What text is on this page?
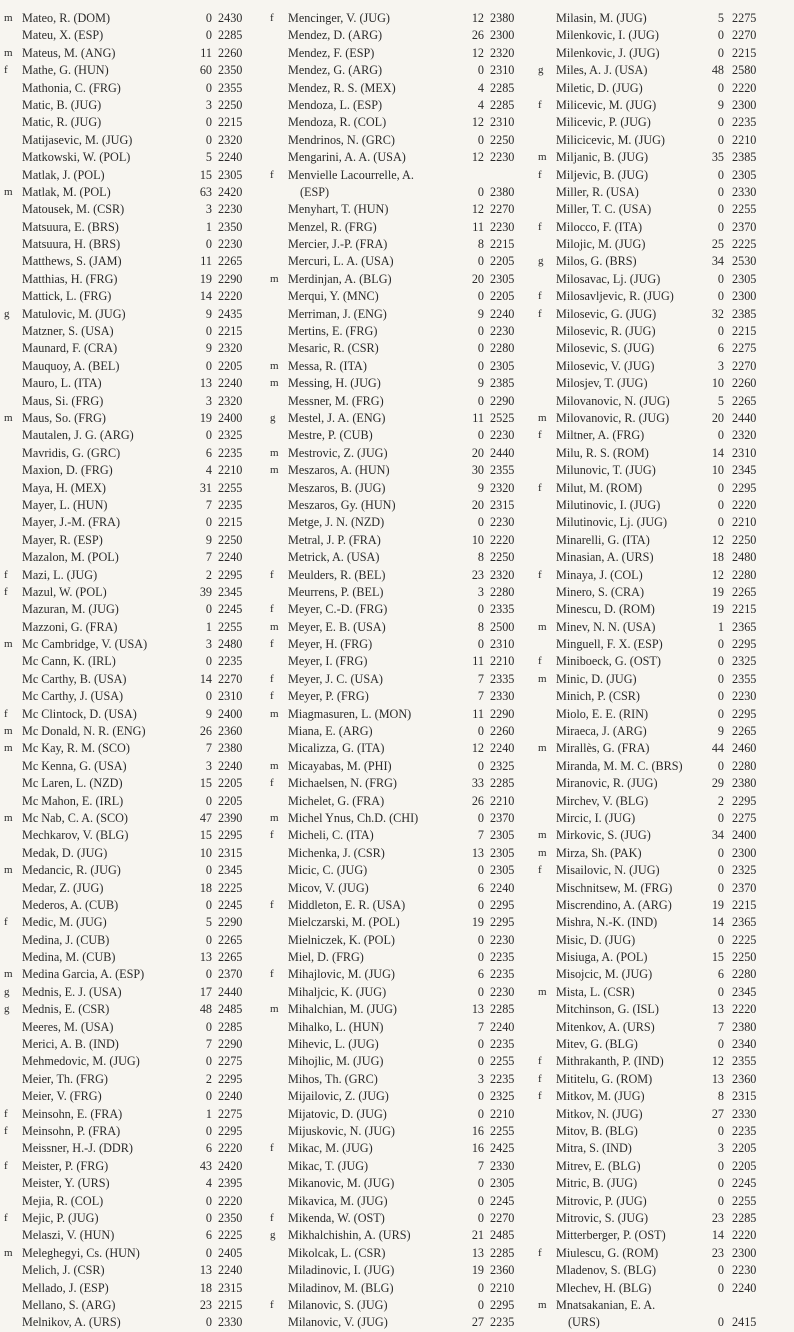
m Mateo, R. (DOM)	0 2430
Mateu, X. (ESP)	0 2285
m Mateus, M. (ANG)	11 2260
f	Mathe, G. (HUN)	60 2350
Mathonia, C. (FRG)	0 2355
Matic, B. (JUG)	3 2250
Matic, R. (JUG)	0 2215
Matijasevic, M. (JUG)	0 2320
Matkowski, W. (POL)	5 2240
Matlak, J. (POL)	15 2305
m Matlak, M. (POL)	63 2420
Matousek, M. (CSR)	3 2230
Matsuura, E. (BRS)	1 2350
Matsuura, H. (BRS)	0 2230
Matthews, S. (JAM)	11 2265
Matthias, H. (FRG)	19 2290
Mattick, L. (FRG)	14 2220
g	Matulovic, M. (JUG)	9 2435
Matzner, S. (USA)	0 2215
Maunard, F. (CRA)	9 2320
Mauquoy, A. (BEL)	0 2205
Mauro, L. (ITA)	13 2240
Maus, Si. (FRG)	3 2320
m Maus, So. (FRG)	19 2400
Mautalen, J. G. (ARG)	0 2325
Mavridis, G. (GRC)	6 2235
Maxion, D. (FRG)	4 2210
Maya, H. (MEX)	31 2255
Mayer, L. (HUN)	7 2235
Mayer, J.-M. (FRA)	0 2215
Mayer, R. (ESP)	9 2250
Mazalon, M. (POL)	7 2240
f	Mazi, L. (JUG)	2 2295
f	Mazul, W. (POL)	39 2345
Mazuran, M. (JUG)	0 2245
Mazzoni, G. (FRA)	1 2255
m Mc Cambridge, V. (USA)	3 2480
Mc Cann, K. (IRL)	0 2235
Mc Carthy, B. (USA)	14 2270
Mc Carthy, J. (USA)	0 2310
f	Mc Clintock, D. (USA)	9 2400
m Mc Donald, N. R. (ENG)	26 2360
m Mc Kay, R. M. (SCO)	7 2380
Mc Kenna, G. (USA)	3 2240
Mc Laren, L. (NZD)	15 2205
Mc Mahon, E. (IRL)	0 2205
m Mc Nab, C. A. (SCO)	47 2390
Mechkarov, V. (BLG)	15 2295
Medak, D. (JUG)	10 2315
m Medancic, R. (JUG)	0 2345
Medar, Z. (JUG)	18 2225
Mederos, A. (CUB)	0 2245
f	Medic, M. (JUG)	5 2290
Medina, J. (CUB)	0 2265
Medina, M. (CUB)	13 2265
m Medina Garcia, A. (ESP)	0 2370
g	Mednis, E. J. (USA)	17 2440
g	Mednis, E. (CSR)	48 2485
Meeres, M. (USA)	0 2285
Merici, A. B. (IND)	7 2290
Mehmedovic, M. (JUG)	0 2275
Meier, Th. (FRG)	2 2295
Meier, V. (FRG)	0 2240
f	Meinsohn, E. (FRA)	1 2275
f	Meinsohn, P. (FRA)	0 2295
Meissner, H.-J. (DDR)	6 2220
f	Meister, P. (FRG)	43 2420
Meister, Y. (URS)	4 2395
Mejia, R. (COL)	0 2220
f	Mejic, P. (JUG)	0 2350
Melaszi, V. (HUN)	6 2225
m Meleghegyi, Cs. (HUN)	0 2405
Melich, J. (CSR)	13 2240
Mellado, J. (ESP)	18 2315
Mellano, S. (ARG)	23 2215
Melnikov, A. (URS)	0 2330
f	Mencinger, V. (JUG)	12 2380
Mendez, D. (ARG)	26 2300
Mendez, F. (ESP)	12 2320
Mendez, G. (ARG)	0 2310
Mendez, R. S. (MEX)	4 2285
Mendoza, L. (ESP)	4 2285
Mendoza, R. (COL)	12 2310
Mendrinos, N. (GRC)	0 2250
Mengarini, A. A. (USA)	12 2230
f	Menvielle Lacourrelle, A.
(ESP)	0 2380
Menyhart, T. (HUN)	12 2270
Menzel, R. (FRG)	11 2230
Mercier, J.-P. (FRA)	8 2215
Mercuri, L. A. (USA)	0 2205
m Merdinjan, A. (BLG)	20 2305
Merqui, Y. (MNC)	0 2205
Merriman, J. (ENG)	9 2240
Mertins, E. (FRG)	0 2230
Mesaric, R. (CSR)	0 2280
m Messa, R. (ITA)	0 2305
m Messing, H. (JUG)	9 2385
Messner, M. (FRG)	0 2290
g	Mestel, J. A. (ENG)	11 2525
Mestre, P. (CUB)	0 2230
m Mestrovic, Z. (JUG)	20 2440
m Meszaros, A. (HUN)	30 2355
Meszaros, B. (JUG)	9 2320
Meszaros, Gy. (HUN)	20 2315
Metge, J. N. (NZD)	0 2230
Metral, J. P. (FRA)	10 2220
Metrick, A. (USA)	8 2250
f	Meulders, R. (BEL)	23 2320
Meurrens, P. (BEL)	3 2280
f	Meyer, C.-D. (FRG)	0 2335
m Meyer, E. B. (USA)	8 2500
f	Meyer, H. (FRG)	0 2310
Meyer, I. (FRG)	11 2210
f	Meyer, J. C. (USA)	7 2335
f	Meyer, P. (FRG)	7 2330
m Miagmasuren, L. (MON)	11 2290
Miana, E. (ARG)	0 2260
Micalizza, G. (ITA)	12 2240
m Micayabas, M. (PHI)	0 2325
f	Michaelsen, N. (FRG)	33 2285
Michelet, G. (FRA)	26 2210
m Michel Ynus, Ch.D. (CHI)	0 2370
f	Micheli, C. (ITA)	7 2305
Michenka, J. (CSR)	13 2305
Micic, C. (JUG)	0 2305
Micov, V. (JUG)	6 2240
f	Middleton, E. R. (USA)	0 2295
Mielczarski, M. (POL)	19 2295
Mielniczek, K. (POL)	0 2230
Miel, D. (FRG)	0 2235
f	Mihajlovic, M. (JUG)	6 2235
Mihaljcic, K. (JUG)	0 2230
m Mihalchian, M. (JUG)	13 2285
Mihalko, L. (HUN)	7 2240
Mihevic, L. (JUG)	0 2235
Mihojlic, M. (JUG)	0 2255
Mihos, Th. (GRC)	3 2235
Mijailovic, Z. (JUG)	0 2325
Mijatovic, D. (JUG)	0 2210
Mijuskovic, N. (JUG)	16 2255
f	Mikac, M. (JUG)	16 2425
Mikac, T. (JUG)	7 2330
Mikanovic, M. (JUG)	0 2305
Mikavica, M. (JUG)	0 2245
f	Mikenda, W. (OST)	0 2270
g	Mikhalchishin, A. (URS)	21 2485
Mikolcak, L. (CSR)	13 2285
Miladinovic, I. (JUG)	19 2360
Miladinov, M. (BLG)	0 2210
f	Milanovic, S. (JUG)	0 2295
Milanovic, V. (JUG)	27 2235
Milasin, M. (JUG)	5 2275
Milenkovic, I. (JUG)	0 2270
Milenkovic, J. (JUG)	0 2215
g	Miles, A. J. (USA)	48 2580
Miletic, D. (JUG)	0 2220
f	Milicevic, M. (JUG)	9 2300
Milicevic, P. (JUG)	0 2235
Milicicevic, M. (JUG)	0 2210
m Miljanic, B. (JUG)	35 2385
f	Miljevic, B. (JUG)	0 2305
Miller, R. (USA)	0 2330
Miller, T. C. (USA)	0 2255
f	Milocco, F. (ITA)	0 2370
Milojic, M. (JUG)	25 2225
g	Milos, G. (BRS)	34 2530
Milosavac, Lj. (JUG)	0 2305
f	Milosavljevic, R. (JUG)	0 2300
f	Milosevic, G. (JUG)	32 2385
Milosevic, R. (JUG)	0 2215
Milosevic, S. (JUG)	6 2275
Milosevic, V. (JUG)	3 2270
Milosjev, T. (JUG)	10 2260
Milovanovic, N. (JUG)	5 2265
m Milovanovic, R. (JUG)	20 2440
f	Miltner, A. (FRG)	0 2320
Milu, R. S. (ROM)	14 2310
Milunovic, T. (JUG)	10 2345
f	Milut, M. (ROM)	0 2295
Milutinovic, I. (JUG)	0 2220
Milutinovic, Lj. (JUG)	0 2210
Minarelli, G. (ITA)	12 2250
Minasian, A. (URS)	18 2480
f	Minaya, J. (COL)	12 2280
Minero, S. (CRA)	19 2265
Minescu, D. (ROM)	19 2215
m Minev, N. N. (USA)	1 2365
Minguell, F. X. (ESP)	0 2295
f	Miniboeck, G. (OST)	0 2325
m Minic, D. (JUG)	0 2355
Minich, P. (CSR)	0 2230
Miolo, E. E. (RIN)	0 2295
Miraeca, J. (ARG)	9 2265
m Mirallès, G. (FRA)	44 2460
Miranda, M. M. C. (BRS)	0 2280
Miranovic, R. (JUG)	29 2380
Mirchev, V. (BLG)	2 2295
Mircic, I. (JUG)	0 2275
m Mirkovic, S. (JUG)	34 2400
m Mirza, Sh. (PAK)	0 2300
f	Misailovic, N. (JUG)	0 2325
Mischnitsew, M. (FRG)	0 2370
Miscrendino, A. (ARG)	19 2215
Mishra, N.-K. (IND)	14 2365
Misic, D. (JUG)	0 2225
Misiuga, A. (POL)	15 2250
Misojcic, M. (JUG)	6 2280
m Mista, L. (CSR)	0 2345
Mitchinson, G. (ISL)	13 2220
Mitenkov, A. (URS)	7 2380
Mitev, G. (BLG)	0 2340
f	Mithrakanth, P. (IND)	12 2355
f	Mititelu, G. (ROM)	13 2360
f	Mitkov, M. (JUG)	8 2315
Mitkov, N. (JUG)	27 2330
Mitov, B. (BLG)	0 2235
Mitra, S. (IND)	3 2205
Mitrev, E. (BLG)	0 2205
Mitric, B. (JUG)	0 2245
Mitrovic, P. (JUG)	0 2255
Mitrovic, S. (JUG)	23 2285
Mitterberger, P. (OST)	14 2220
f	Miulescu, G. (ROM)	23 2300
Mladenov, S. (BLG)	0 2230
Mlechev, H. (BLG)	0 2240
m Mnatsakanian, E. A.
(URS)	0 2415
